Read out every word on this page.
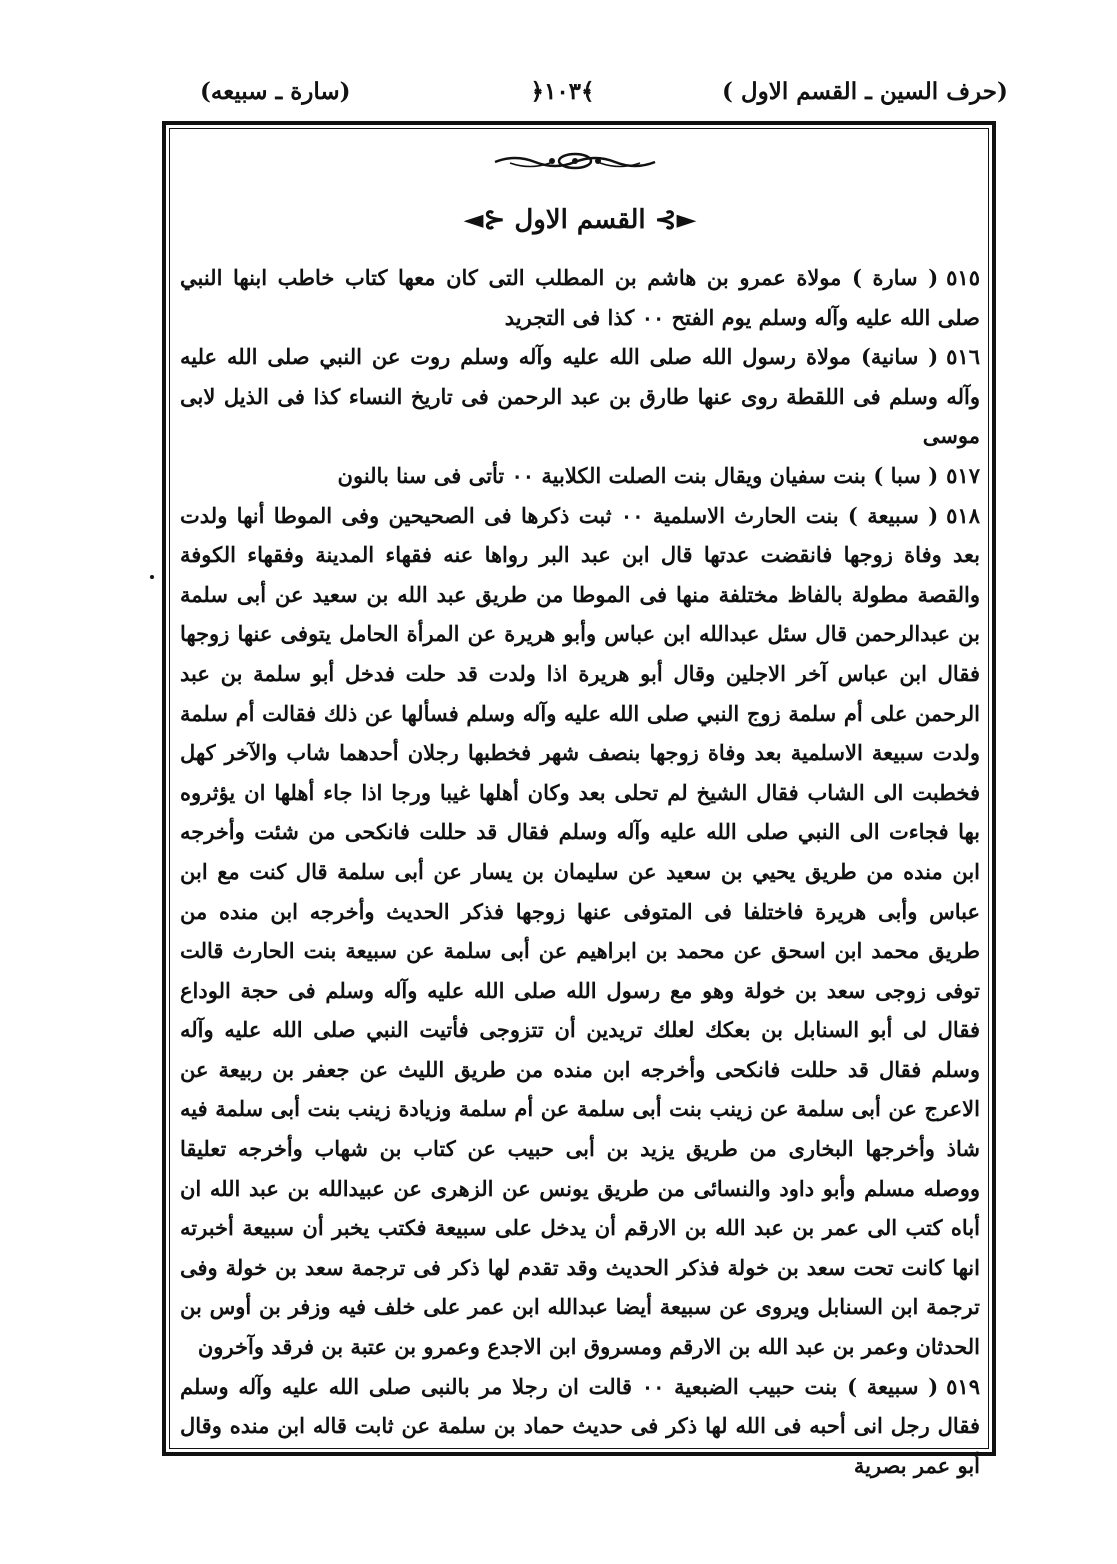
(سارة ـ سبيعه)	﴿١٠٣﴾	( حرف السين ـ القسم الاول)
◄⊱ القسم الاول ⊰►

٥١٥( سارة ) مولاة عمرو بن هاشم بن المطلب التى كان معها كتاب خاطب ابنها النبي صلى الله عليه وآله وسلم يوم الفتح ٠٠ كذا فى التجريد

٥١٦( سانية) مولاة رسول الله صلى الله عليه وآله وسلم روت عن النبي صلى الله عليه وآله وسلم فى اللقطة روى عنها طارق بن عبد الرحمن فى تاريخ النساء كذا فى الذيل لابى موسى

٥١٧( سبا ) بنت سفيان ويقال بنت الصلت الكلابية ٠٠ تأتى فى سنا بالنون

٥١٨( سبيعة ) بنت الحارث الاسلمية ٠٠ ثبت ذكرها فى الصحيحين وفى الموطا أنها ولدت بعد وفاة زوجها فانقضت عدتها قال ابن عبد البر رواها عنه فقهاء المدينة وفقهاء الكوفة والقصة مطولة بالفاظ مختلفة منها فى الموطا من طريق عبد الله بن سعيد عن أبى سلمة بن عبدالرحمن قال سئل عبدالله ابن عباس وأبو هريرة عن المرأة الحامل يتوفى عنها زوجها فقال ابن عباس آخر الاجلين وقال أبو هريرة اذا ولدت قد حلت فدخل أبو سلمة بن عبد الرحمن على أم سلمة زوج النبي صلى الله عليه وآله وسلم فسألها عن ذلك فقالت أم سلمة ولدت سبيعة الاسلمية بعد وفاة زوجها بنصف شهر فخطبها رجلان أحدهما شاب والآخر كهل فخطبت الى الشاب فقال الشيخ لم تحلى بعد وكان أهلها غيبا ورجا اذا جاء أهلها ان يؤثروه بها فجاءت الى النبي صلى الله عليه وآله وسلم فقال قد حللت فانكحى من شئت وأخرجه ابن منده من طريق يحيي بن سعيد عن سليمان بن يسار عن أبى سلمة قال كنت مع ابن عباس وأبى هريرة فاختلفا فى المتوفى عنها زوجها فذكر الحديث وأخرجه ابن منده من طريق محمد ابن اسحق عن محمد بن ابراهيم عن أبى سلمة عن سبيعة بنت الحارث قالت توفى زوجى سعد بن خولة وهو مع رسول الله صلى الله عليه وآله وسلم فى حجة الوداع فقال لى أبو السنابل بن بعكك لعلك تريدين أن تتزوجى فأتيت النبي صلى الله عليه وآله وسلم فقال قد حللت فانكحى وأخرجه ابن منده من طريق الليث عن جعفر بن ربيعة عن الاعرج عن أبى سلمة عن زينب بنت أبى سلمة عن أم سلمة وزيادة زينب بنت أبى سلمة فيه شاذ وأخرجها البخارى من طريق يزيد بن أبى حبيب عن كتاب بن شهاب وأخرجه تعليقا ووصله مسلم وأبو داود والنسائى من طريق يونس عن الزهرى عن عبيدالله بن عبد الله ان أباه كتب الى عمر بن عبد الله بن الارقم أن يدخل على سبيعة فكتب يخبر أن سبيعة أخبرته انها كانت تحت سعد بن خولة فذكر الحديث وقد تقدم لها ذكر فى ترجمة سعد بن خولة وفى ترجمة ابن السنابل ويروى عن سبيعة أيضا عبدالله ابن عمر على خلف فيه وزفر بن أوس بن الحدثان وعمر بن عبد الله بن الارقم ومسروق ابن الاجدع وعمرو بن عتبة بن فرقد وآخرون

٥١٩( سبيعة ) بنت حبيب الضبعية ٠٠ قالت ان رجلا مر بالنبى صلى الله عليه وآله وسلم فقال رجل انى أحبه فى الله لها ذكر فى حديث حماد بن سلمة عن ثابت قاله ابن منده وقال أبو عمر بصرية
